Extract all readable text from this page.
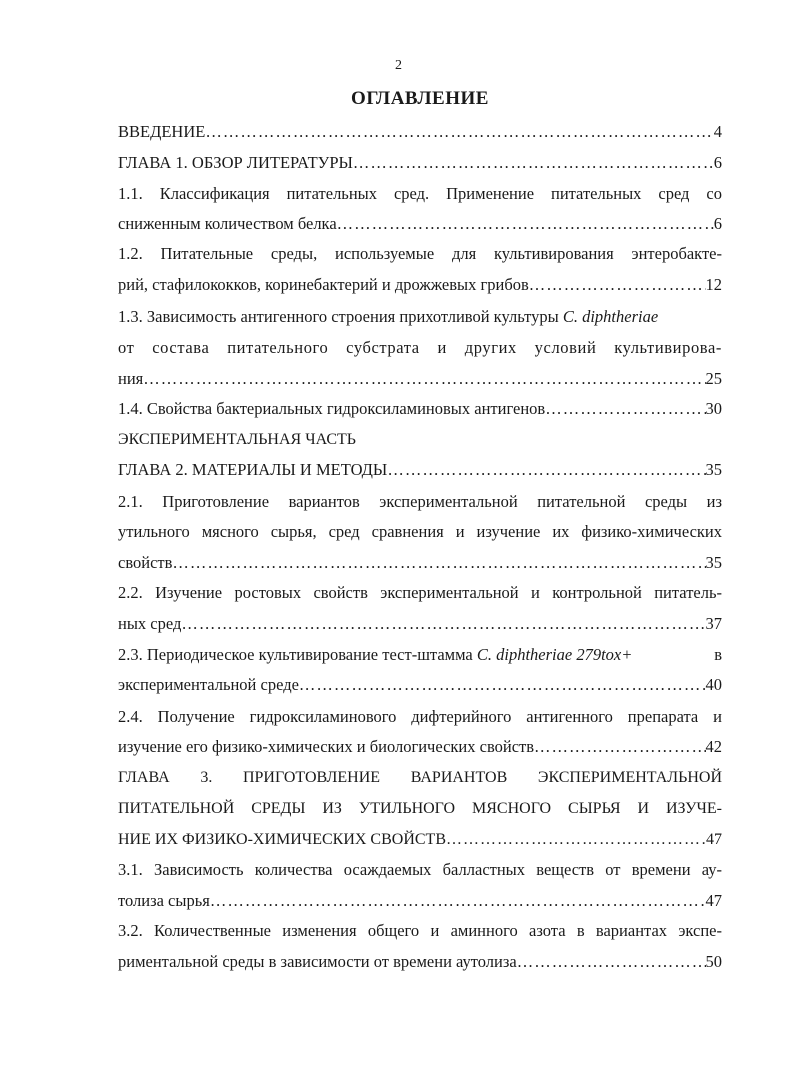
2
ОГЛАВЛЕНИЕ
ВВЕДЕНИЕ …………………………………………………………………………………………………………………………………………………………………………………	4
ГЛАВА 1. ОБЗОР ЛИТЕРАТУРЫ …………………………………………………………………………………………………………………………………………………………………………………	6
1.1. Классификация питательных сред. Применение питательных сред со
сниженным количеством белка …………………………………………………………………………………………………………………………………………………………………………………	6
1.2. Питательные среды, используемые для культивирования энтеробакте-
рий, стафилококков, коринебактерий и дрожжевых грибов …………………………………………………………………………………………………………………………………………………………………………………	12
1.3. Зависимость антигенного строения прихотливой культуры C. diphtheriae
от состава питательного субстрата и других условий культивирова-
ния …………………………………………………………………………………………………………………………………………………………………………………	25
1.4. Свойства бактериальных гидроксиламиновых антигенов …………………………………………………………………………………………………………………………………………………………………………………	30
ЭКСПЕРИМЕНТАЛЬНАЯ ЧАСТЬ
ГЛАВА 2. МАТЕРИАЛЫ И МЕТОДЫ …………………………………………………………………………………………………………………………………………………………………………………	35
2.1. Приготовление вариантов экспериментальной питательной среды из
утильного мясного сырья, сред сравнения и изучение их физико-химических
свойств …………………………………………………………………………………………………………………………………………………………………………………	35
2.2. Изучение ростовых свойств экспериментальной и контрольной питатель-
ных сред …………………………………………………………………………………………………………………………………………………………………………………	37
2.3. Периодическое культивирование тест-штамма C. diphtheriae 279tox+	в
экспериментальной среде …………………………………………………………………………………………………………………………………………………………………………………	40
2.4. Получение гидроксиламинового дифтерийного антигенного препарата и
изучение его физико-химических и биологических свойств …………………………………………………………………………………………………………………………………………………………………………………	42
ГЛАВА 3. ПРИГОТОВЛЕНИЕ ВАРИАНТОВ ЭКСПЕРИМЕНТАЛЬНОЙ
ПИТАТЕЛЬНОЙ СРЕДЫ ИЗ УТИЛЬНОГО МЯСНОГО СЫРЬЯ И ИЗУЧЕ-
НИЕ ИХ ФИЗИКО-ХИМИЧЕСКИХ СВОЙСТВ …………………………………………………………………………………………………………………………………………………………………………………	47
3.1. Зависимость количества осаждаемых балластных веществ от времени ау-
толиза сырья …………………………………………………………………………………………………………………………………………………………………………………	47
3.2. Количественные изменения общего и аминного азота в вариантах экспе-
риментальной среды в зависимости от времени аутолиза …………………………………………………………………………………………………………………………………………………………………………………	50
